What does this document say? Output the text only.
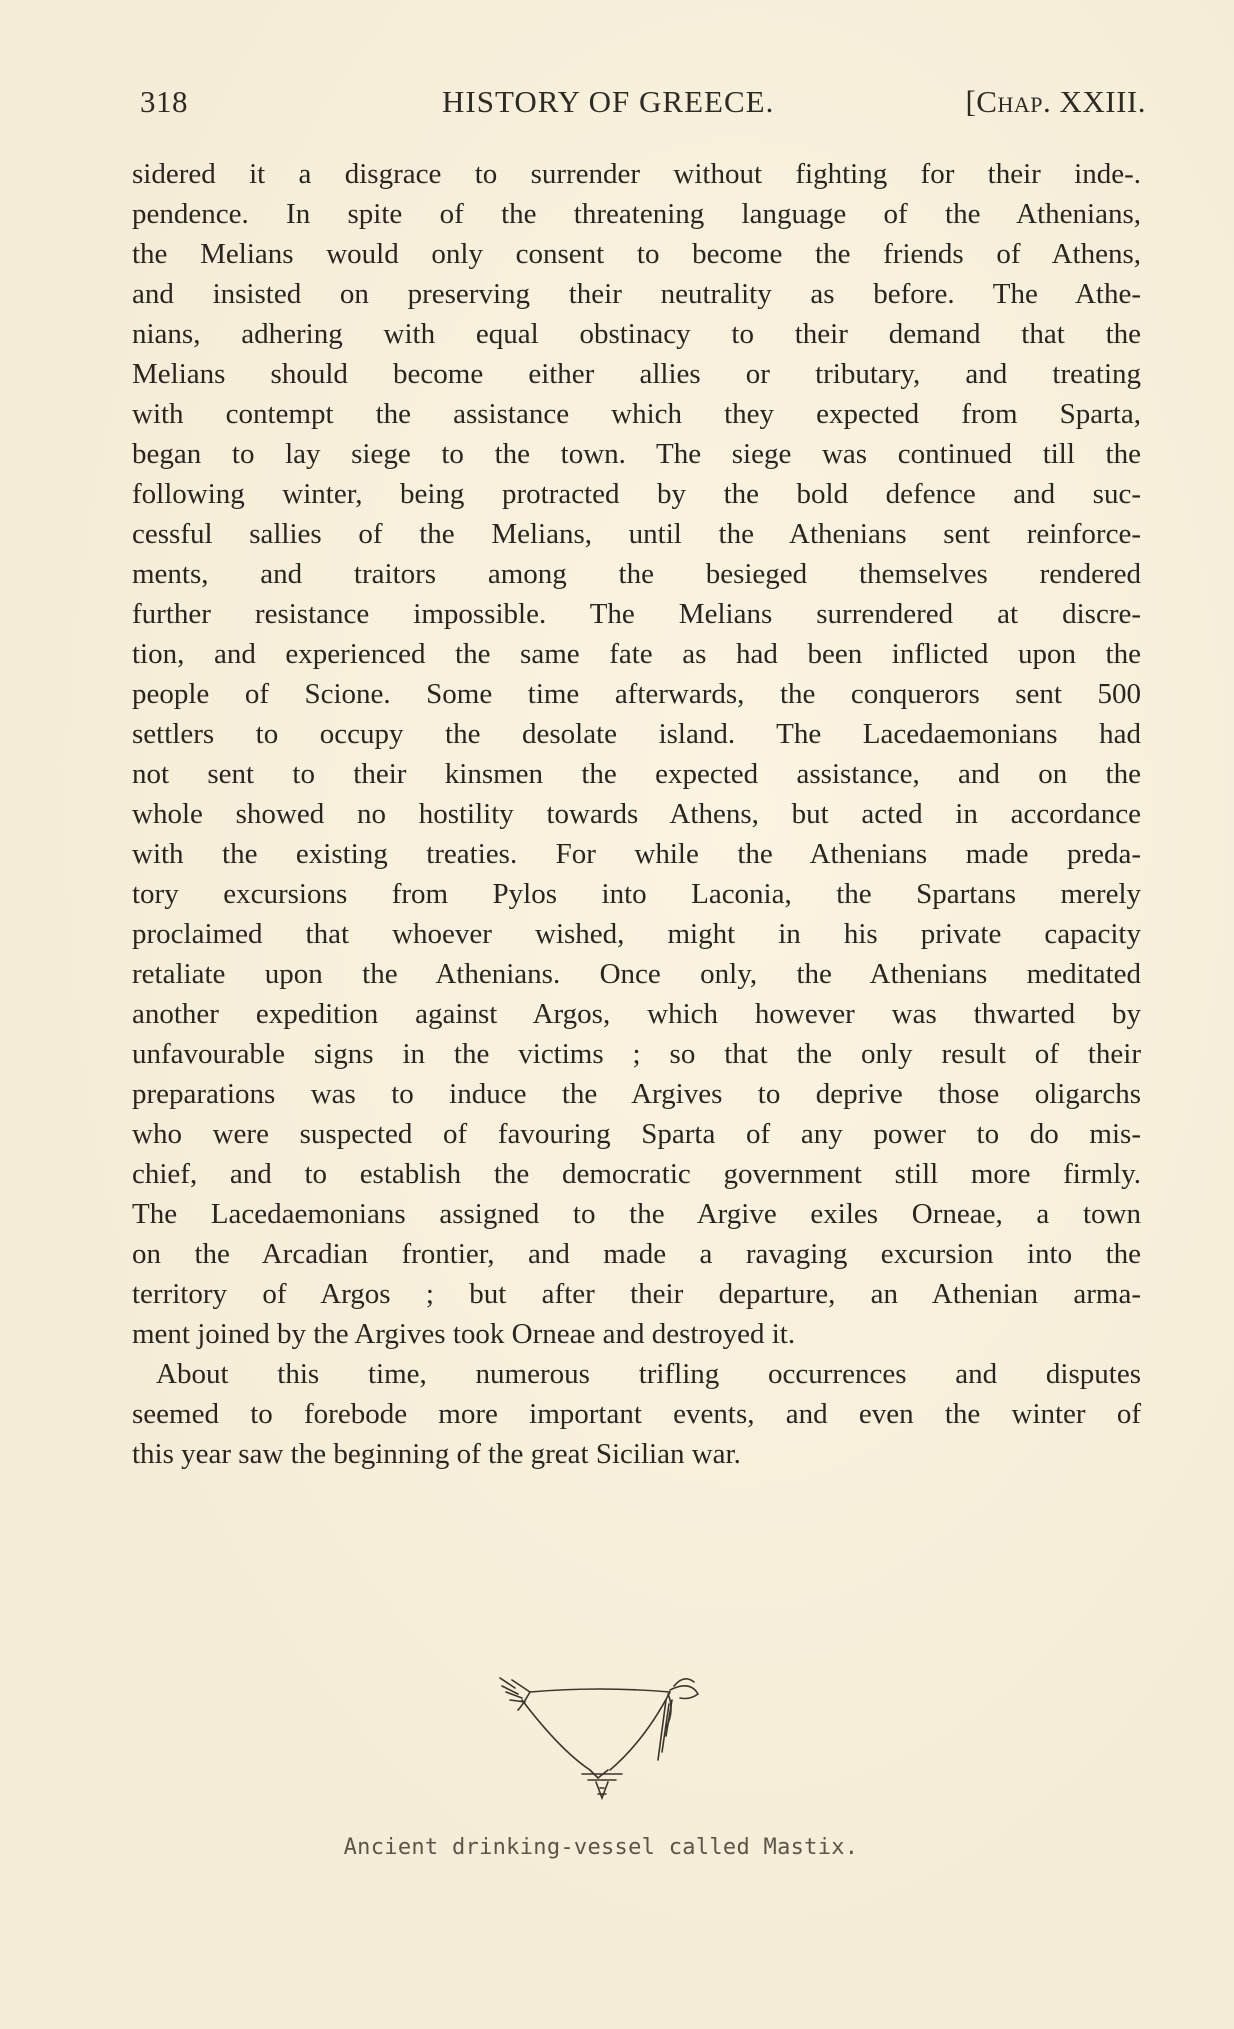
318	HISTORY OF GREECE.	[Chap. XXIII.
sidered it a disgrace to surrender without fighting for their inde-.
pendence. In spite of the threatening language of the Athenians,
the Melians would only consent to become the friends of Athens,
and insisted on preserving their neutrality as before. The Athe-
nians, adhering with equal obstinacy to their demand that the
Melians should become either allies or tributary, and treating
with contempt the assistance which they expected from Sparta,
began to lay siege to the town. The siege was continued till the
following winter, being protracted by the bold defence and suc-
cessful sallies of the Melians, until the Athenians sent reinforce-
ments, and traitors among the besieged themselves rendered
further resistance impossible. The Melians surrendered at discre-
tion, and experienced the same fate as had been inflicted upon the
people of Scione. Some time afterwards, the conquerors sent 500
settlers to occupy the desolate island. The Lacedaemonians had
not sent to their kinsmen the expected assistance, and on the
whole showed no hostility towards Athens, but acted in accordance
with the existing treaties. For while the Athenians made preda-
tory excursions from Pylos into Laconia, the Spartans merely
proclaimed that whoever wished, might in his private capacity
retaliate upon the Athenians. Once only, the Athenians meditated
another expedition against Argos, which however was thwarted by
unfavourable signs in the victims ; so that the only result of their
preparations was to induce the Argives to deprive those oligarchs
who were suspected of favouring Sparta of any power to do mis-
chief, and to establish the democratic government still more firmly.
The Lacedaemonians assigned to the Argive exiles Orneae, a town
on the Arcadian frontier, and made a ravaging excursion into the
territory of Argos ; but after their departure, an Athenian arma-
ment joined by the Argives took Orneae and destroyed it.
About this time, numerous trifling occurrences and disputes
seemed to forebode more important events, and even the winter of
this year saw the beginning of the great Sicilian war.
Ancient drinking-vessel called Mastix.
